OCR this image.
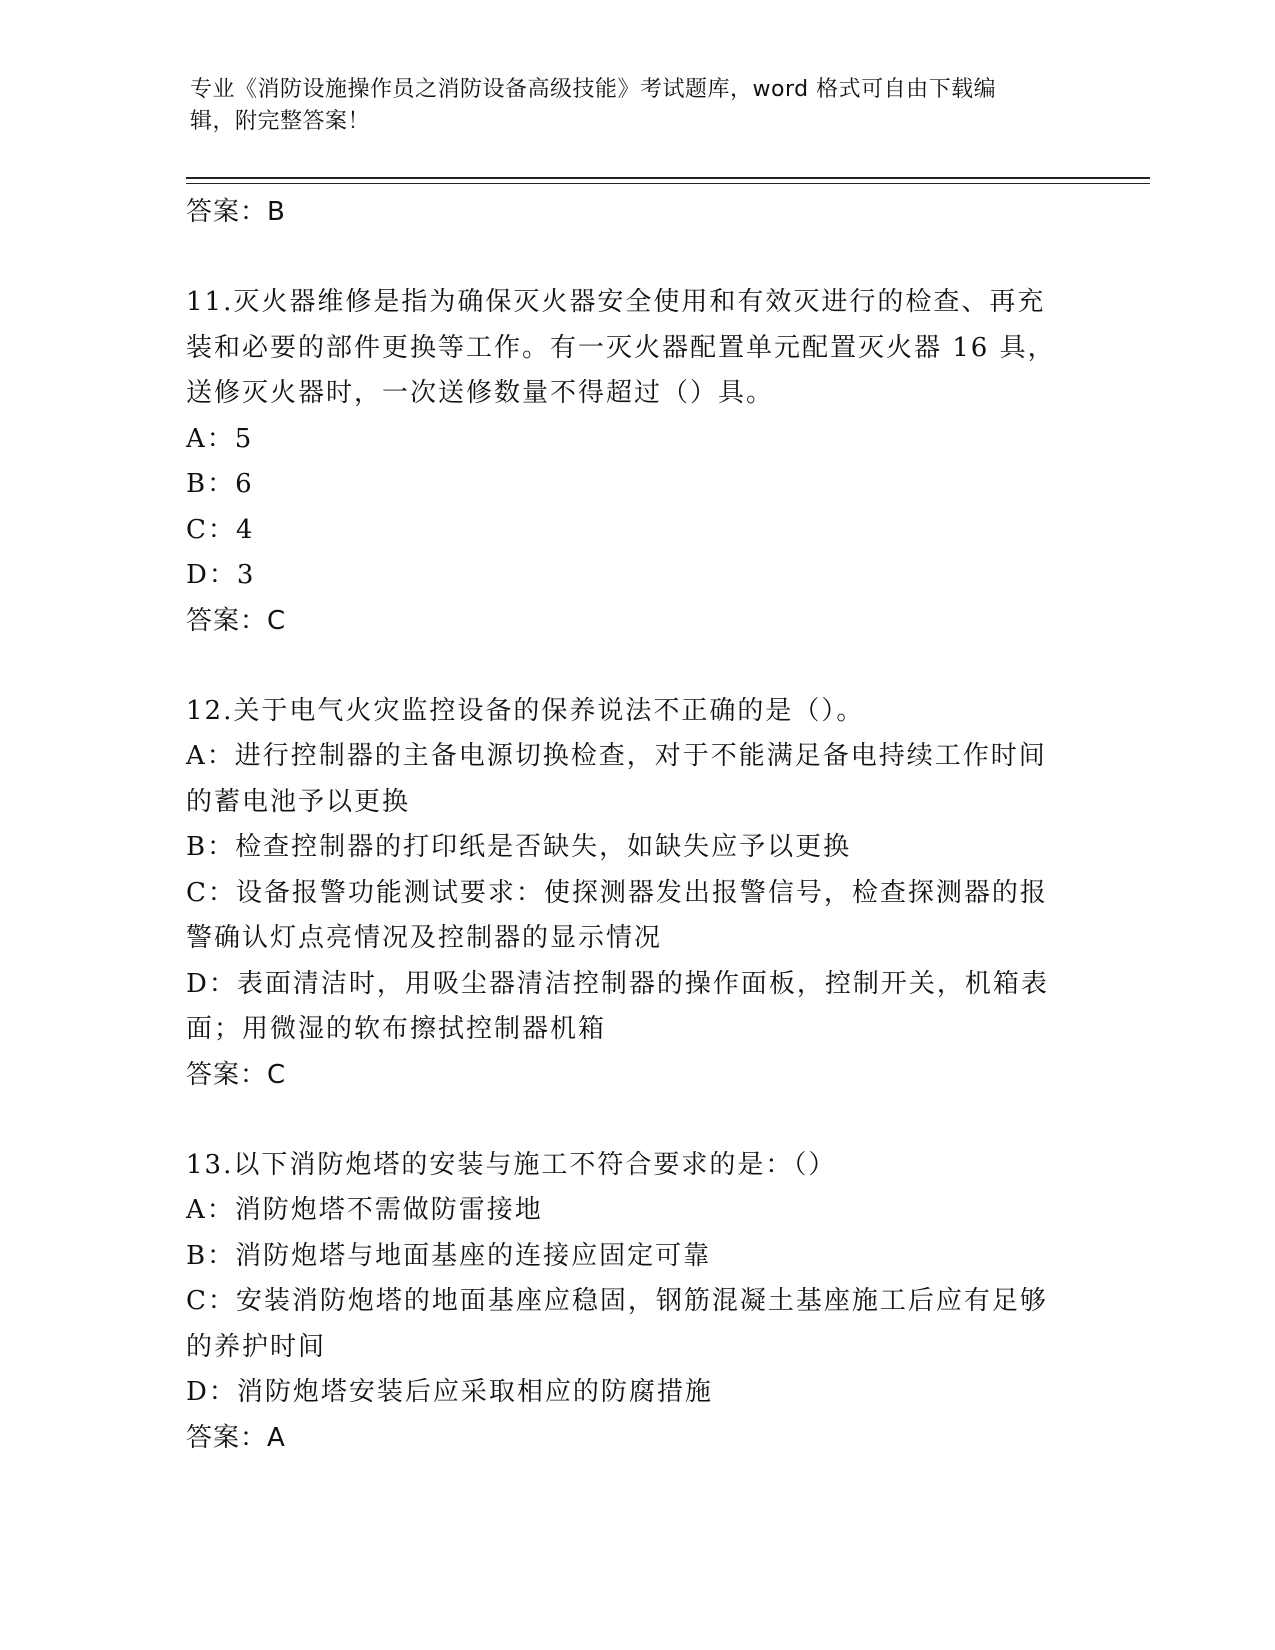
专业《消防设施操作员之消防设备高级技能》考试题库，word 格式可自由下载编
辑，附完整答案！

答案：B

11.灭火器维修是指为确保灭火器安全使用和有效灭进行的检查、再充

装和必要的部件更换等工作。有一灭火器配置单元配置灭火器 16 具，

送修灭火器时，一次送修数量不得超过（）具。

A：5

B：6

C：4

D：3

答案：C

12.关于电气火灾监控设备的保养说法不正确的是（）。

A：进行控制器的主备电源切换检查，对于不能满足备电持续工作时间

的蓄电池予以更换

B：检查控制器的打印纸是否缺失，如缺失应予以更换

C：设备报警功能测试要求：使探测器发出报警信号，检查探测器的报

警确认灯点亮情况及控制器的显示情况

D：表面清洁时，用吸尘器清洁控制器的操作面板，控制开关，机箱表

面；用微湿的软布擦拭控制器机箱

答案：C

13.以下消防炮塔的安装与施工不符合要求的是：（）

A：消防炮塔不需做防雷接地

B：消防炮塔与地面基座的连接应固定可靠

C：安装消防炮塔的地面基座应稳固，钢筋混凝土基座施工后应有足够

的养护时间

D：消防炮塔安装后应采取相应的防腐措施

答案：A
